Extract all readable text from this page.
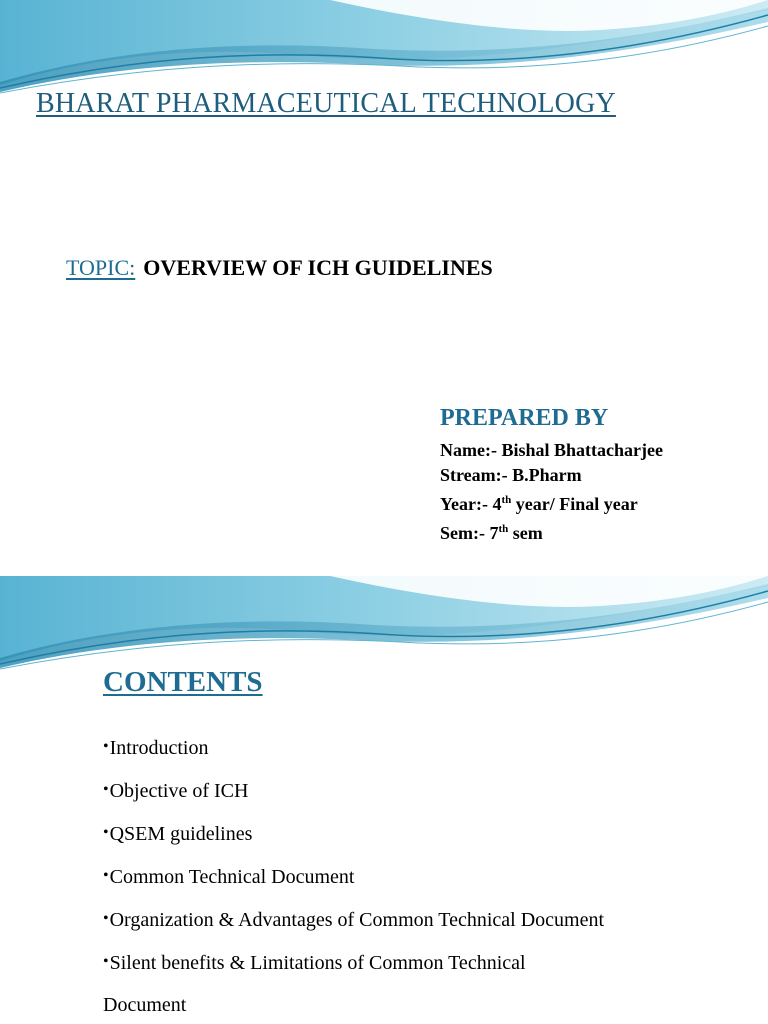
BHARAT PHARMACEUTICAL TECHNOLOGY
TOPIC: OVERVIEW OF ICH GUIDELINES
PREPARED BY
Name:- Bishal Bhattacharjee
Stream:- B.Pharm
Year:- 4th year/ Final year
Sem:- 7th sem
CONTENTS
•Introduction
•Objective of ICH
•QSEM guidelines
•Common Technical Document
•Organization & Advantages of Common Technical Document
•Silent benefits & Limitations of Common Technical Document
